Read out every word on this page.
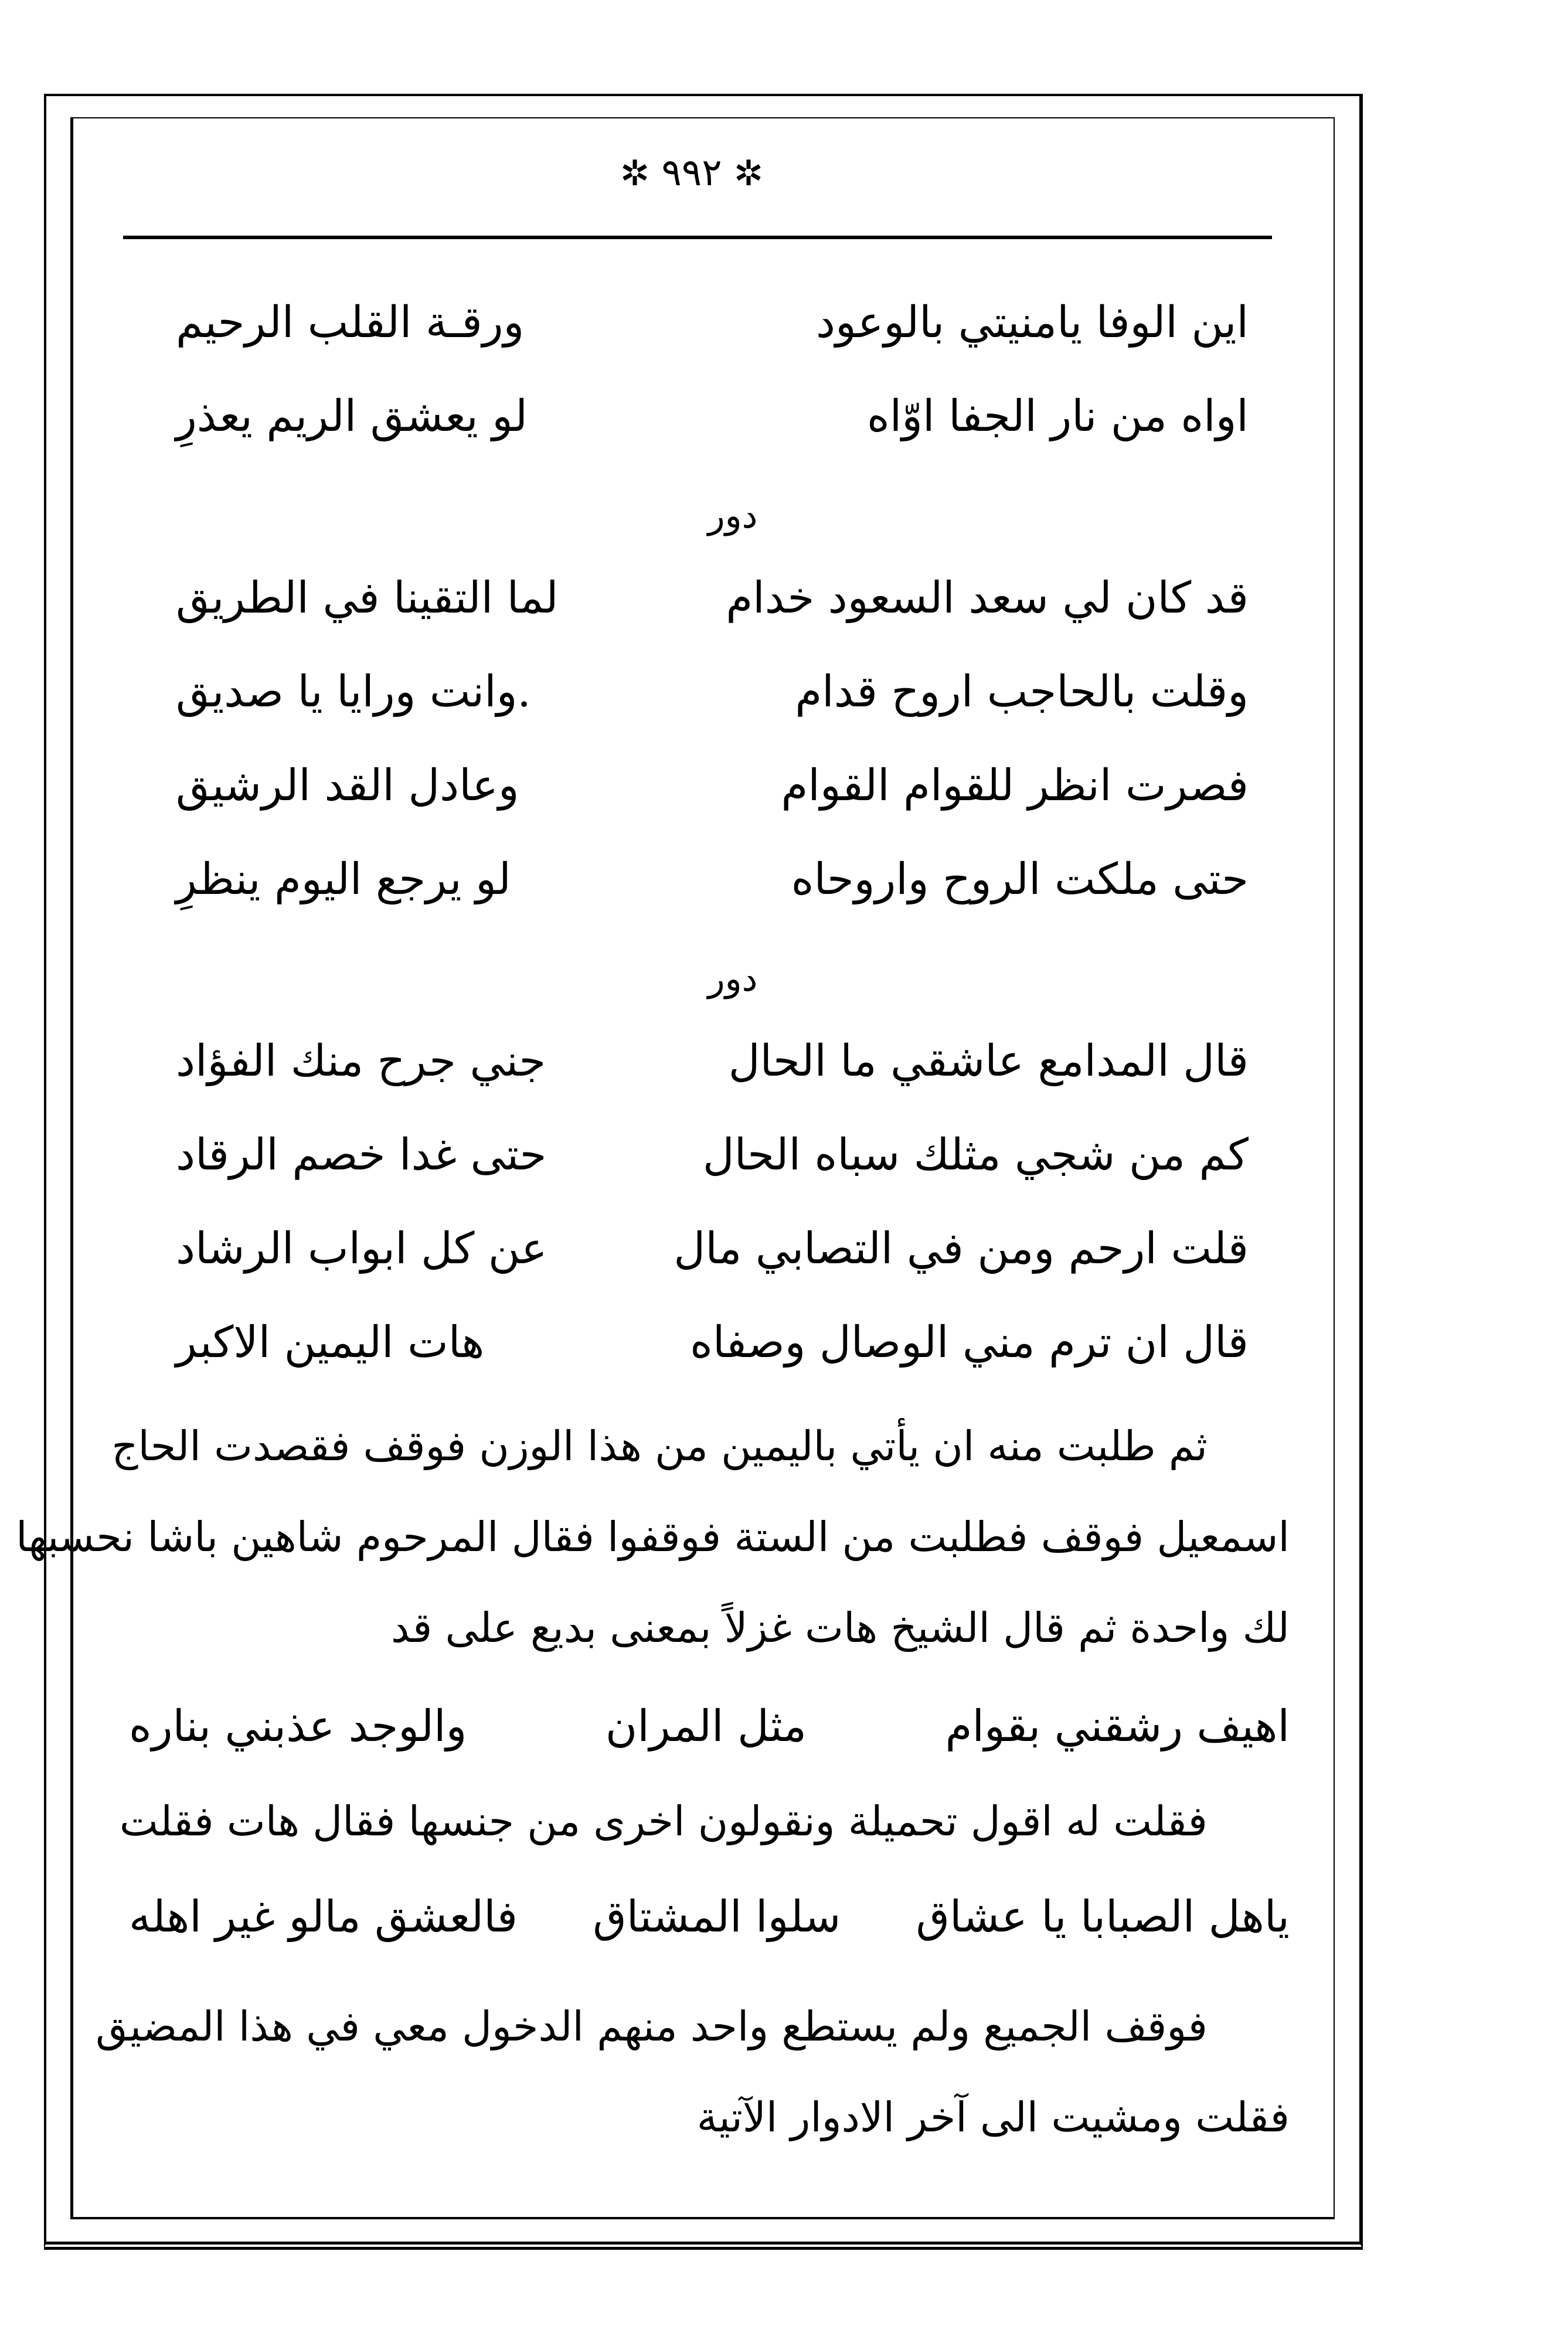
✲ ٩٩٢ ✲
اين الوفا يامنيتي بالوعود
ورقـة القلب الرحيم
اواه من نار الجفا اوّاه
لو يعشق الريم يعذرِ
دور
قد كان لي سعد السعود خدام
لما التقينا في الطريق
وقلت بالحاجب اروح قدام
.وانت ورايا يا صديق
فصرت انظر للقوام القوام
وعادل القد الرشيق
حتى ملكت الروح واروحاه
لو يرجع اليوم ينظرِ
دور
قال المدامع عاشقي ما الحال
جني جرح منك الفؤاد
كم من شجي مثلك سباه الحال
حتى غدا خصم الرقاد
قلت ارحم ومن في التصابي مال
عن كل ابواب الرشاد
قال ان ترم مني الوصال وصفاه
هات اليمين الاكبر
ثم طلبت منه ان يأتي باليمين من هذا الوزن فوقف فقصدت الحاج
اسمعيل فوقف فطلبت من الستة فوقفوا فقال المرحوم شاهين باشا نحسبها
لك واحدة ثم قال الشيخ هات غزلاً بمعنى بديع على قد
اهيف رشقني بقوام
مثل المران
والوجد عذبني بناره
فقلت له اقول تحميلة ونقولون اخرى من جنسها فقال هات فقلت
ياهل الصبابا يا عشاق
سلوا المشتاق
فالعشق مالو غير اهله
فوقف الجميع ولم يستطع واحد منهم الدخول معي في هذا المضيق
فقلت ومشيت الى آخر الادوار الآتية
